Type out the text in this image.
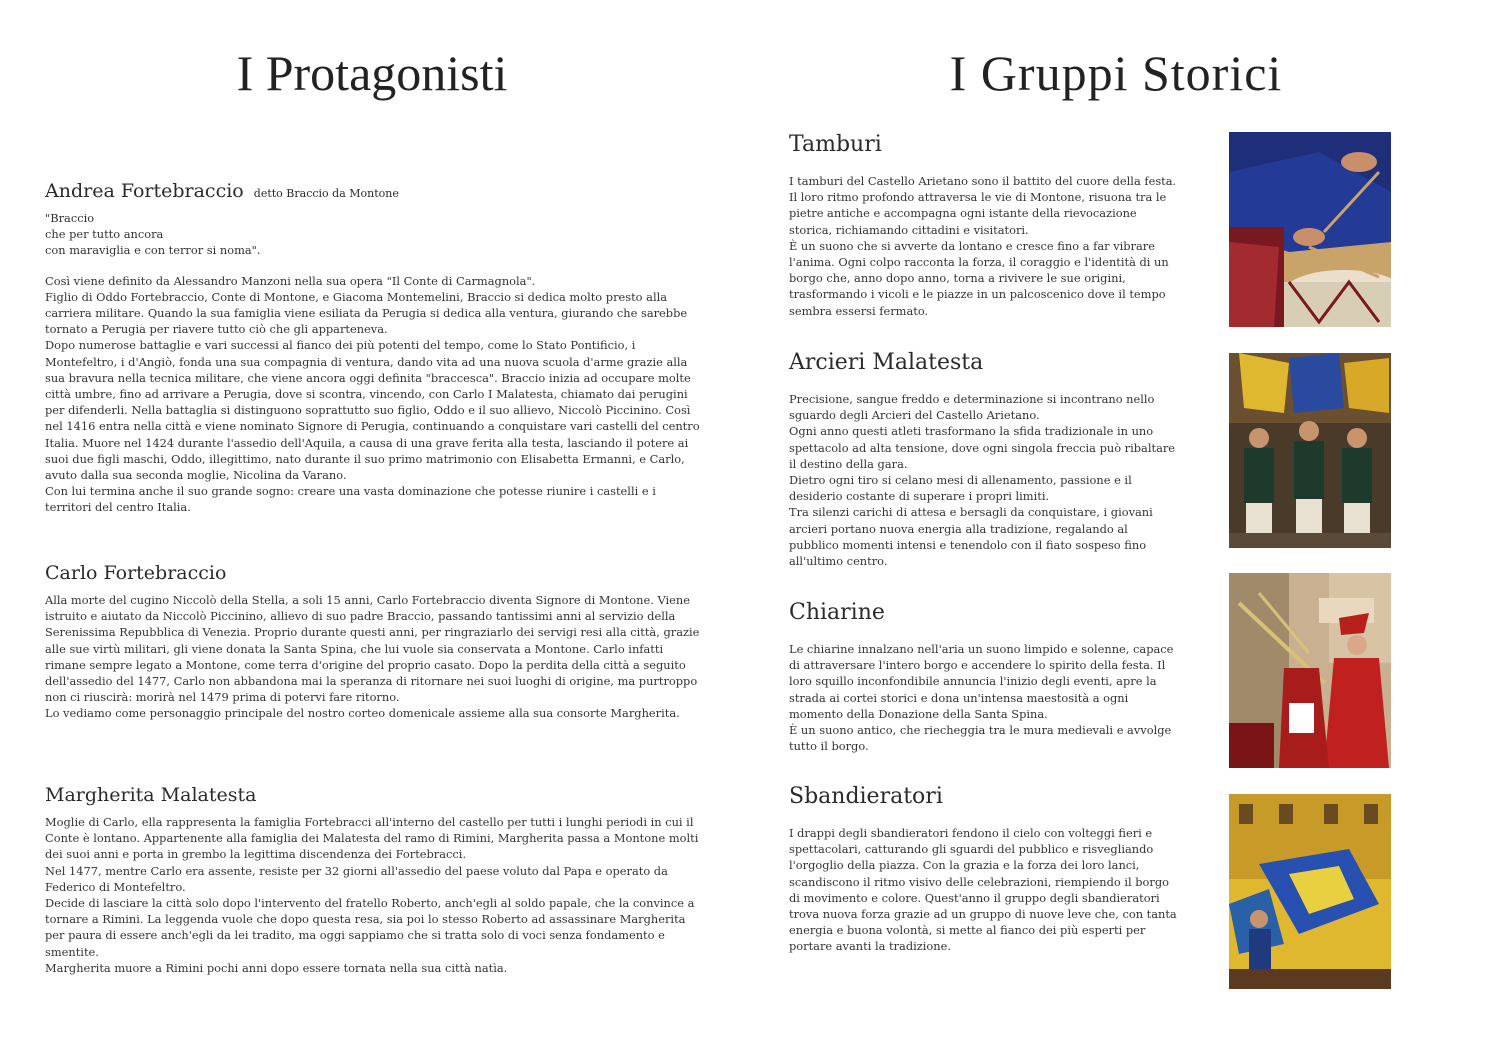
I Protagonisti
Andrea Fortebraccio detto Braccio da Montone

"Braccio

che per tutto ancora

con maraviglia e con terror si noma".

Così viene definito da Alessandro Manzoni nella sua opera "Il Conte di Carmagnola".

Figlio di Oddo Fortebraccio, Conte di Montone, e Giacoma Montemelini, Braccio si dedica molto presto alla carriera militare. Quando la sua famiglia viene esiliata da Perugia si dedica alla ventura, giurando che sarebbe tornato a Perugia per riavere tutto ciò che gli apparteneva.

Dopo numerose battaglie e vari successi al fianco dei più potenti del tempo, come lo Stato Pontificio, i Montefeltro, i d'Angiò, fonda una sua compagnia di ventura, dando vita ad una nuova scuola d'arme grazie alla sua bravura nella tecnica militare, che viene ancora oggi definita "braccesca". Braccio inizia ad occupare molte città umbre, fino ad arrivare a Perugia, dove si scontra, vincendo, con Carlo I Malatesta, chiamato dai perugini per difenderli. Nella battaglia si distinguono soprattutto suo figlio, Oddo e il suo allievo, Niccolò Piccinino. Così nel 1416 entra nella città e viene nominato Signore di Perugia, continuando a conquistare vari castelli del centro Italia. Muore nel 1424 durante l'assedio dell'Aquila, a causa di una grave ferita alla testa, lasciando il potere ai suoi due figli maschi, Oddo, illegittimo, nato durante il suo primo matrimonio con Elisabetta Ermanni, e Carlo, avuto dalla sua seconda moglie, Nicolina da Varano.

Con lui termina anche il suo grande sogno: creare una vasta dominazione che potesse riunire i castelli e i territori del centro Italia.

Carlo Fortebraccio

Alla morte del cugino Niccolò della Stella, a soli 15 anni, Carlo Fortebraccio diventa Signore di Montone. Viene istruito e aiutato da Niccolò Piccinino, allievo di suo padre Braccio, passando tantissimi anni al servizio della Serenissima Repubblica di Venezia. Proprio durante questi anni, per ringraziarlo dei servigi resi alla città, grazie alle sue virtù militari, gli viene donata la Santa Spina, che lui vuole sia conservata a Montone. Carlo infatti rimane sempre legato a Montone, come terra d'origine del proprio casato. Dopo la perdita della città a seguito dell'assedio del 1477, Carlo non abbandona mai la speranza di ritornare nei suoi luoghi di origine, ma purtroppo non ci riuscirà: morirà nel 1479 prima di potervi fare ritorno.

Lo vediamo come personaggio principale del nostro corteo domenicale assieme alla sua consorte Margherita.

Margherita Malatesta

Moglie di Carlo, ella rappresenta la famiglia Fortebracci all'interno del castello per tutti i lunghi periodi in cui il Conte è lontano. Appartenente alla famiglia dei Malatesta del ramo di Rimini, Margherita passa a Montone molti dei suoi anni e porta in grembo la legittima discendenza dei Fortebracci.

Nel 1477, mentre Carlo era assente, resiste per 32 giorni all'assedio del paese voluto dal Papa e operato da Federico di Montefeltro.

Decide di lasciare la città solo dopo l'intervento del fratello Roberto, anch'egli al soldo papale, che la convince a tornare a Rimini. La leggenda vuole che dopo questa resa, sia poi lo stesso Roberto ad assassinare Margherita per paura di essere anch'egli da lei tradito, ma oggi sappiamo che si tratta solo di voci senza fondamento e smentite.

Margherita muore a Rimini pochi anni dopo essere tornata nella sua città natìa.

I Gruppi Storici
Tamburi

I tamburi del Castello Arietano sono il battito del cuore della festa. Il loro ritmo profondo attraversa le vie di Montone, risuona tra le pietre antiche e accompagna ogni istante della rievocazione storica, richiamando cittadini e visitatori.

È un suono che si avverte da lontano e cresce fino a far vibrare l'anima. Ogni colpo racconta la forza, il coraggio e l'identità di un borgo che, anno dopo anno, torna a rivivere le sue origini, trasformando i vicoli e le piazze in un palcoscenico dove il tempo sembra essersi fermato.

Arcieri Malatesta

Precisione, sangue freddo e determinazione si incontrano nello sguardo degli Arcieri del Castello Arietano.

Ogni anno questi atleti trasformano la sfida tradizionale in uno spettacolo ad alta tensione, dove ogni singola freccia può ribaltare il destino della gara.

Dietro ogni tiro si celano mesi di allenamento, passione e il desiderio costante di superare i propri limiti.

Tra silenzi carichi di attesa e bersagli da conquistare, i giovani arcieri portano nuova energia alla tradizione, regalando al pubblico momenti intensi e tenendolo con il fiato sospeso fino all'ultimo centro.

Chiarine

Le chiarine innalzano nell'aria un suono limpido e solenne, capace di attraversare l'intero borgo e accendere lo spirito della festa. Il loro squillo inconfondibile annuncia l'inizio degli eventi, apre la strada ai cortei storici e dona un'intensa maestosità a ogni momento della Donazione della Santa Spina.

È un suono antico, che riecheggia tra le mura medievali e avvolge tutto il borgo.

Sbandieratori

I drappi degli sbandieratori fendono il cielo con volteggi fieri e spettacolari, catturando gli sguardi del pubblico e risvegliando l'orgoglio della piazza. Con la grazia e la forza dei loro lanci, scandiscono il ritmo visivo delle celebrazioni, riempiendo il borgo di movimento e colore. Quest'anno il gruppo degli sbandieratori trova nuova forza grazie ad un gruppo di nuove leve che, con tanta energia e buona volontà, si mette al fianco dei più esperti per portare avanti la tradizione.
